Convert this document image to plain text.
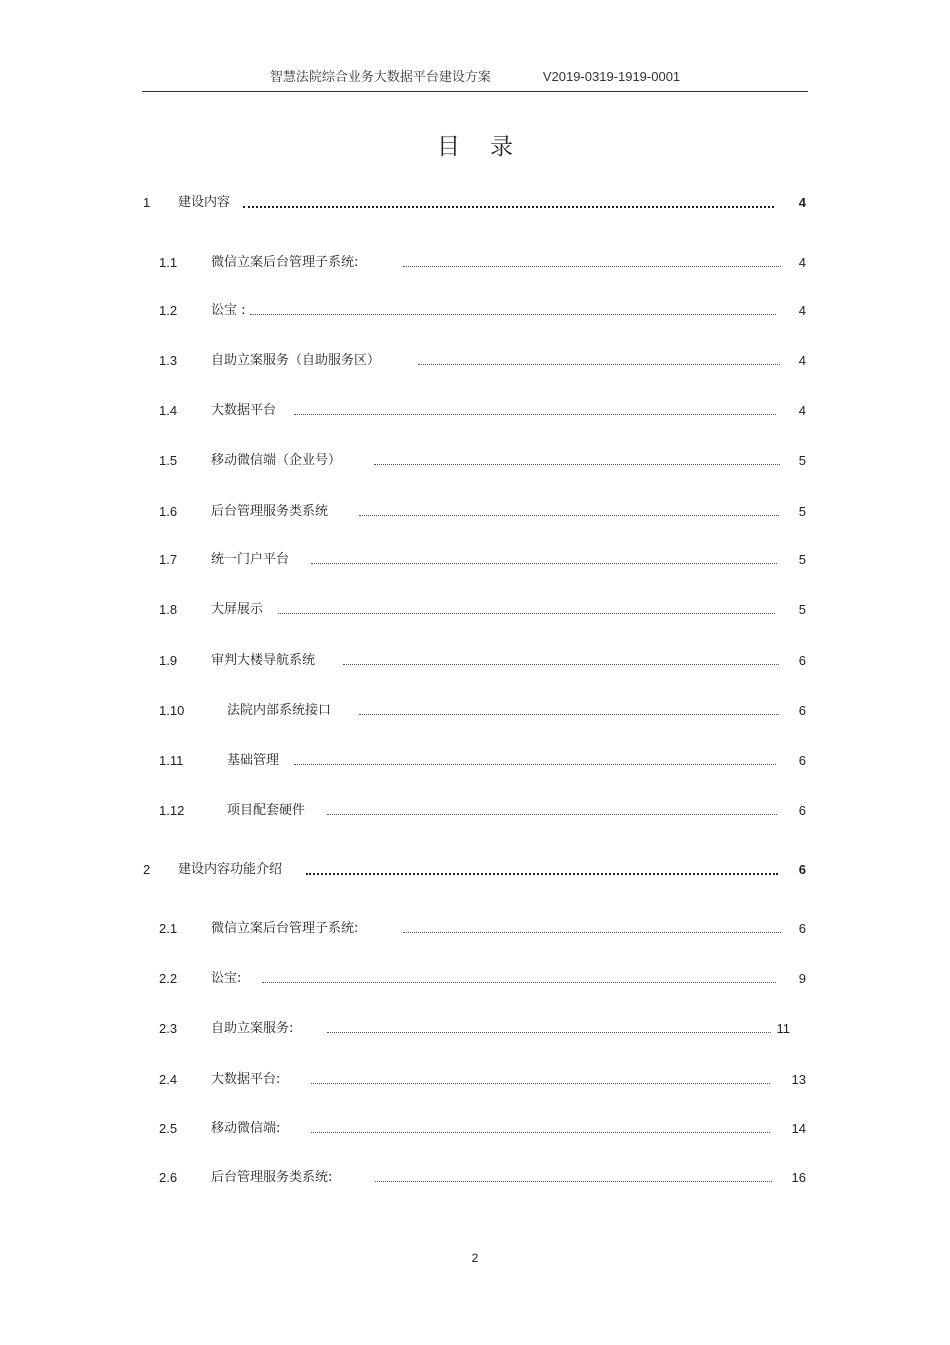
智慧法院综合业务大数据平台建设方案	V2019-0319-1919-0001
目录
1 建设内容	4
1.1	微信立案后台管理子系统:	4
1.2	讼宝 :	4
1.3	自助立案服务（自助服务区）	4
1.4	大数据平台	4
1.5	移动微信端（企业号）	5
1.6	后台管理服务类系统	5
1.7	统一门户平台	5
1.8	大屏展示	5
1.9	审判大楼导航系统	6
1.10	法院内部系统接口	6
1.11	基础管理	6
1.12	项目配套硬件	6
2 建设内容功能介绍	6
2.1	微信立案后台管理子系统:	6
2.2	讼宝:	9
2.3	自助立案服务:	11
2.4	大数据平台:	13
2.5	移动微信端:	14
2.6	后台管理服务类系统:	16
2
